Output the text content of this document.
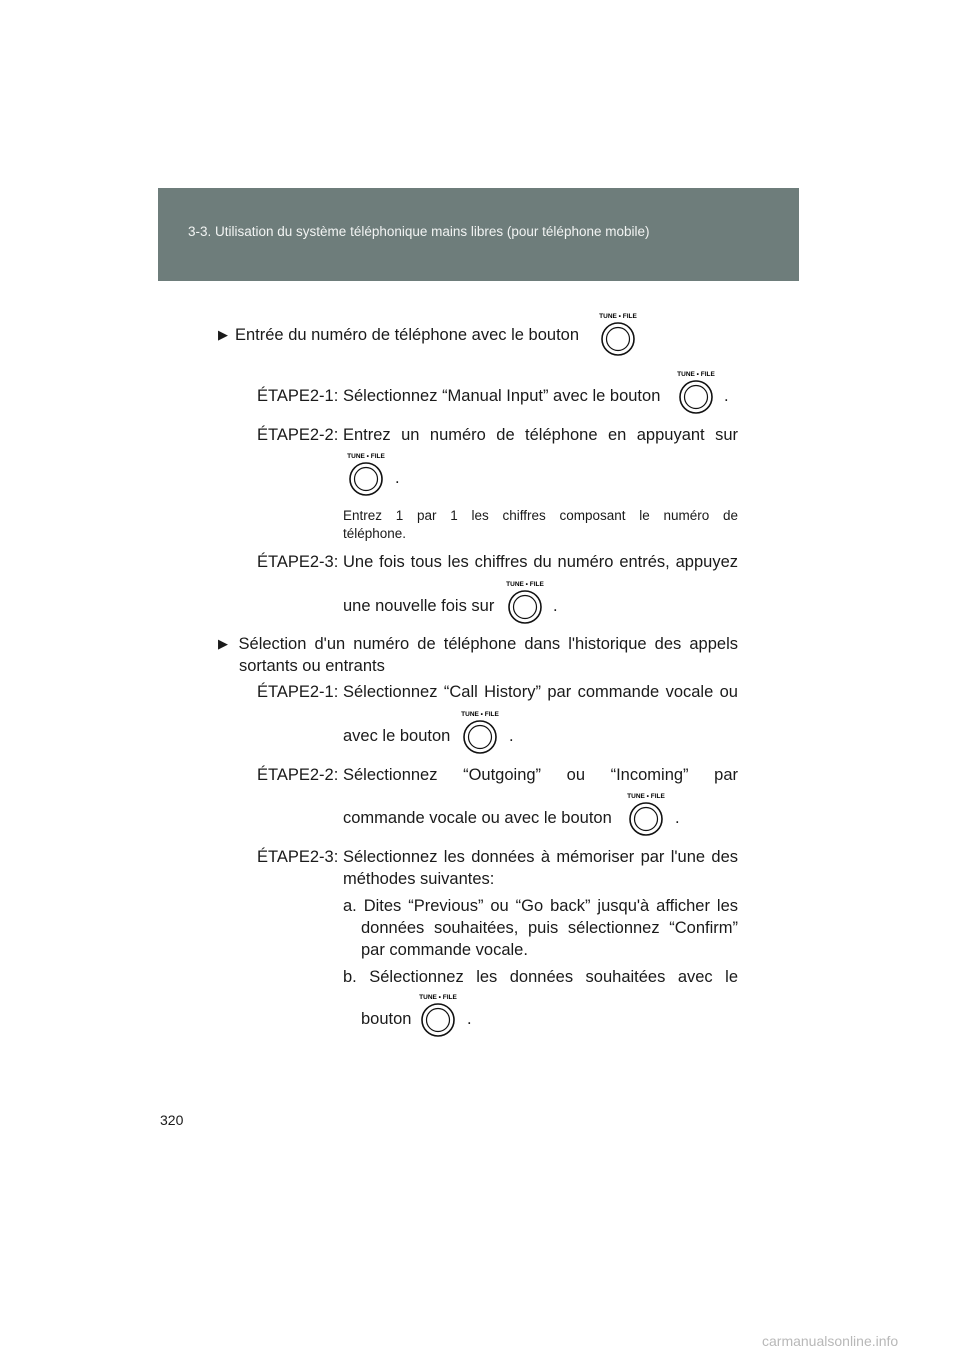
3-3. Utilisation du système téléphonique mains libres (pour téléphone mobile)
▶ Entrée du numéro de téléphone avec le bouton
TUNE • FILE
ÉTAPE2-1: Sélectionnez “Manual Input” avec le bouton
TUNE • FILE
.
ÉTAPE2-2: Entrez un numéro de téléphone en appuyant sur
TUNE • FILE
.
Entrez 1 par 1 les chiffres composant le numéro de
téléphone.
ÉTAPE2-3: Une fois tous les chiffres du numéro entrés, appuyez
une nouvelle fois sur
TUNE • FILE
.
▶ Sélection d'un numéro de téléphone dans l'historique des appels
sortants ou entrants
ÉTAPE2-1: Sélectionnez “Call History” par commande vocale ou
avec le bouton
TUNE • FILE
.
ÉTAPE2-2: Sélectionnez “Outgoing” ou “Incoming” par
commande vocale ou avec le bouton
TUNE • FILE
.
ÉTAPE2-3: Sélectionnez les données à mémoriser par l'une des
méthodes suivantes:
a. Dites “Previous” ou “Go back” jusqu'à afficher les
données souhaitées, puis sélectionnez “Confirm”
par commande vocale.
b. Sélectionnez les données souhaitées avec le
bouton
TUNE • FILE
.
320
carmanualsonline.info
